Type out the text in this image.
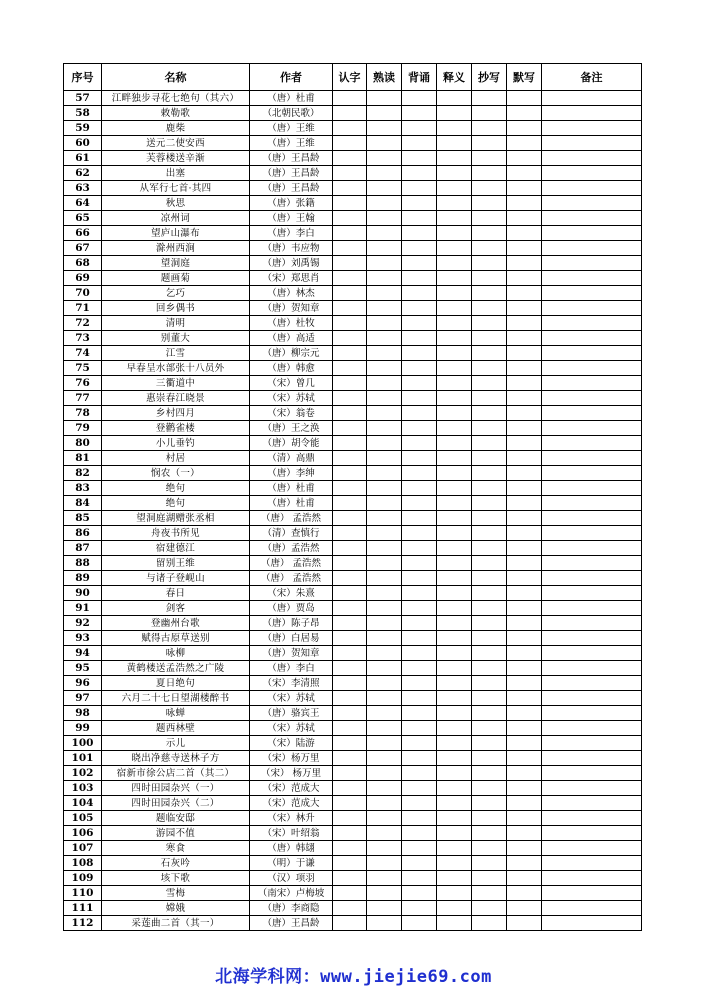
序号	名称	作者	认字	熟读	背诵	释义	抄写	默写	备注
57	江畔独步寻花七绝句（其六）	（唐）杜甫							
58	敕勒歌	（北朝民歌）							
59	鹿柴	（唐）王维							
60	送元二使安西	（唐）王维							
61	芙蓉楼送辛渐	（唐）王昌龄							
62	出塞	（唐）王昌龄							
63	从军行七首·其四	（唐）王昌龄							
64	秋思	（唐）张籍							
65	凉州词	（唐）王翰							
66	望庐山瀑布	（唐）李白							
67	滁州西涧	（唐）韦应物							
68	望洞庭	（唐）刘禹锡							
69	题画菊	（宋）郑思肖							
70	乞巧	（唐）林杰							
71	回乡偶书	（唐）贺知章							
72	清明	（唐）杜牧							
73	别董大	（唐）高适							
74	江雪	（唐）柳宗元							
75	早春呈水部张十八员外	（唐）韩愈							
76	三衢道中	（宋）曾几							
77	惠崇春江晓景	（宋）苏轼							
78	乡村四月	（宋）翁卷							
79	登鹳雀楼	（唐）王之涣							
80	小儿垂钓	（唐）胡令能							
81	村居	（清）高鼎							
82	悯农（一）	（唐）李绅							
83	绝句	（唐）杜甫							
84	绝句	（唐）杜甫							
85	望洞庭湖赠张丞相	（唐） 孟浩然							
86	舟夜书所见	（清）查慎行							
87	宿建德江	（唐）孟浩然							
88	留别王维	（唐） 孟浩然							
89	与诸子登岘山	（唐） 孟浩然							
90	春日	（宋）朱熹							
91	剑客	（唐）贾岛							
92	登幽州台歌	（唐）陈子昂							
93	赋得古原草送别	（唐）白居易							
94	咏柳	（唐）贺知章							
95	黄鹤楼送孟浩然之广陵	（唐）李白							
96	夏日绝句	（宋）李清照							
97	六月二十七日望湖楼醉书	（宋）苏轼							
98	咏蝉	（唐）骆宾王							
99	题西林壁	（宋）苏轼							
100	示儿	（宋）陆游							
101	晓出净慈寺送林子方	（宋）杨万里							
102	宿新市徐公店二首（其二）	（宋） 杨万里							
103	四时田园杂兴（一）	（宋）范成大							
104	四时田园杂兴（二）	（宋）范成大							
105	题临安邸	（宋）林升							
106	游园不值	（宋）叶绍翁							
107	寒食	（唐）韩翃							
108	石灰吟	（明）于谦							
109	垓下歌	（汉）项羽							
110	雪梅	（南宋）卢梅坡							
111	嫦娥	（唐）李商隐							
112	采莲曲二首（其一）	（唐）王昌龄							
北海学科网：www.jiejie69.com
